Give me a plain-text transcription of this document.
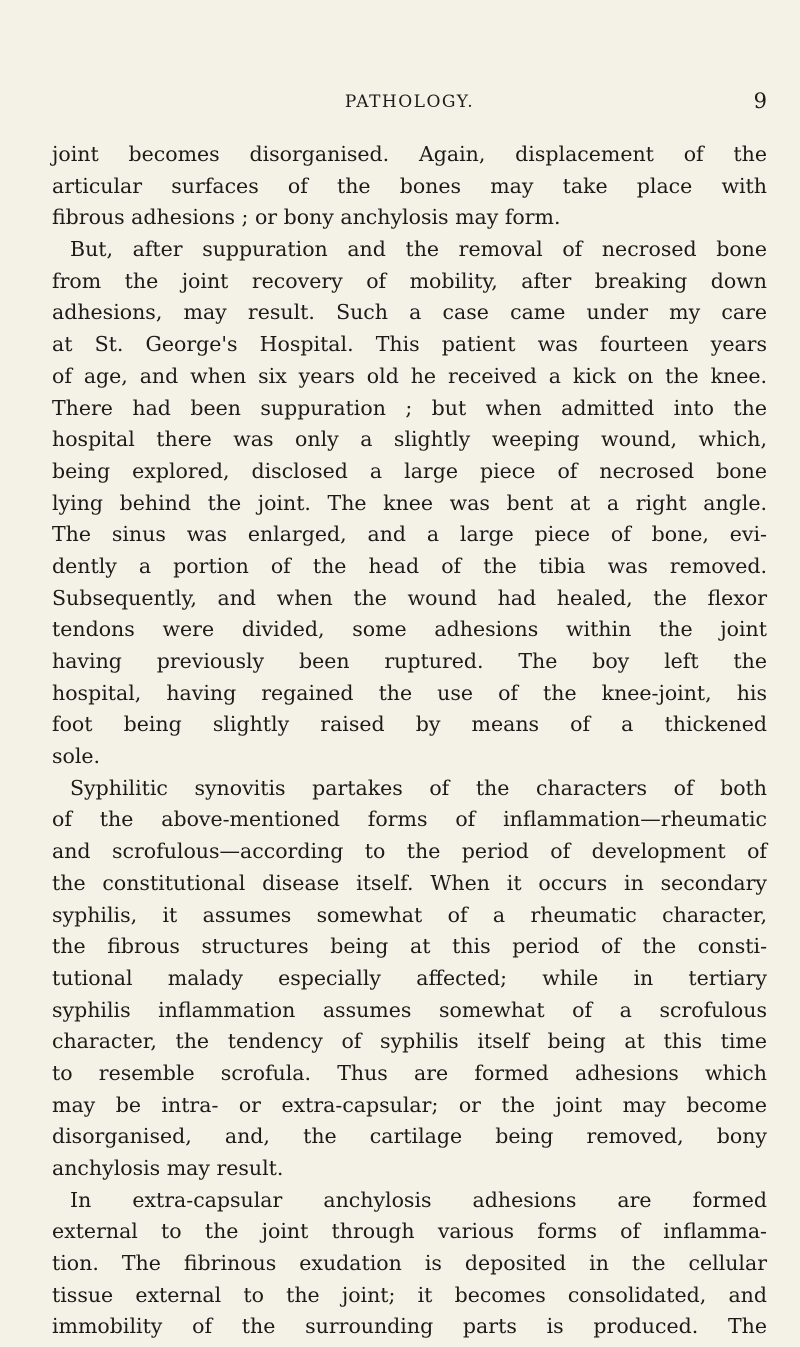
PATHOLOGY.	9
joint becomes disorganised. Again, displacement of the
articular surfaces of the bones may take place with
fibrous adhesions ; or bony anchylosis may form.
But, after suppuration and the removal of necrosed bone
from the joint recovery of mobility, after breaking down
adhesions, may result. Such a case came under my care
at St. George's Hospital. This patient was fourteen years
of age, and when six years old he received a kick on the knee.
There had been suppuration ; but when admitted into the
hospital there was only a slightly weeping wound, which,
being explored, disclosed a large piece of necrosed bone
lying behind the joint. The knee was bent at a right angle.
The sinus was enlarged, and a large piece of bone, evi-
dently a portion of the head of the tibia was removed.
Subsequently, and when the wound had healed, the flexor
tendons were divided, some adhesions within the joint
having previously been ruptured. The boy left the
hospital, having regained the use of the knee-joint, his
foot being slightly raised by means of a thickened
sole.
Syphilitic synovitis partakes of the characters of both
of the above-mentioned forms of inflammation—rheumatic
and scrofulous—according to the period of development of
the constitutional disease itself. When it occurs in secondary
syphilis, it assumes somewhat of a rheumatic character,
the fibrous structures being at this period of the consti-
tutional malady especially affected; while in tertiary
syphilis inflammation assumes somewhat of a scrofulous
character, the tendency of syphilis itself being at this time
to resemble scrofula. Thus are formed adhesions which
may be intra- or extra-capsular; or the joint may become
disorganised, and, the cartilage being removed, bony
anchylosis may result.
In extra-capsular anchylosis adhesions are formed
external to the joint through various forms of inflamma-
tion. The fibrinous exudation is deposited in the cellular
tissue external to the joint; it becomes consolidated, and
immobility of the surrounding parts is produced. The
